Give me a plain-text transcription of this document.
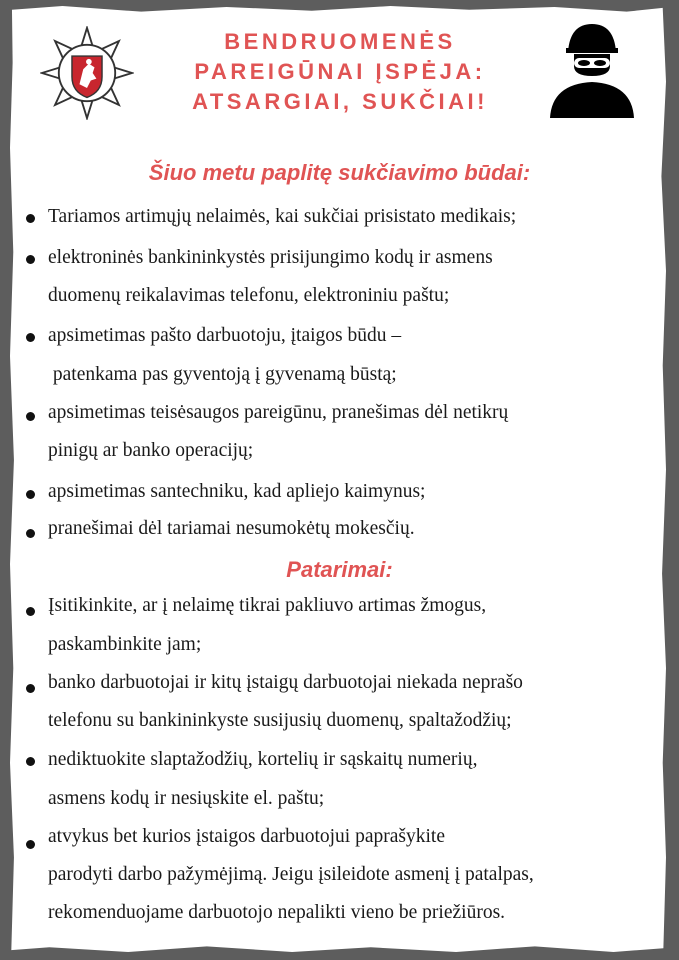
BENDRUOMENĖS
PAREIGŪNAI ĮSPĖJA:
ATSARGIAI, SUKČIAI!
Šiuo metu paplitę sukčiavimo būdai:
Tariamos artimųjų nelaimės, kai sukčiai prisistato medikais;
elektroninės bankininkystės prisijungimo kodų ir asmens
duomenų reikalavimas telefonu, elektroniniu paštu;
apsimetimas pašto darbuotoju, įtaigos būdu –
patenkama pas gyventoją į gyvenamą būstą;
apsimetimas teisėsaugos pareigūnu, pranešimas dėl netikrų
pinigų ar banko operacijų;
apsimetimas santechniku, kad apliejo kaimynus;
pranešimai dėl tariamai nesumokėtų mokesčių.
Patarimai:
Įsitikinkite, ar į nelaimę tikrai pakliuvo artimas žmogus,
paskambinkite jam;
banko darbuotojai ir kitų įstaigų darbuotojai niekada neprašo
telefonu su bankininkyste susijusių duomenų, spaltažodžių;
nediktuokite slaptažodžių, kortelių ir sąskaitų numerių,
asmens kodų ir nesiųskite el. paštu;
atvykus bet kurios įstaigos darbuotojui paprašykite
parodyti darbo pažymėjimą. Jeigu įsileidote asmenį į patalpas,
rekomenduojame darbuotojo nepalikti vieno be priežiūros.
